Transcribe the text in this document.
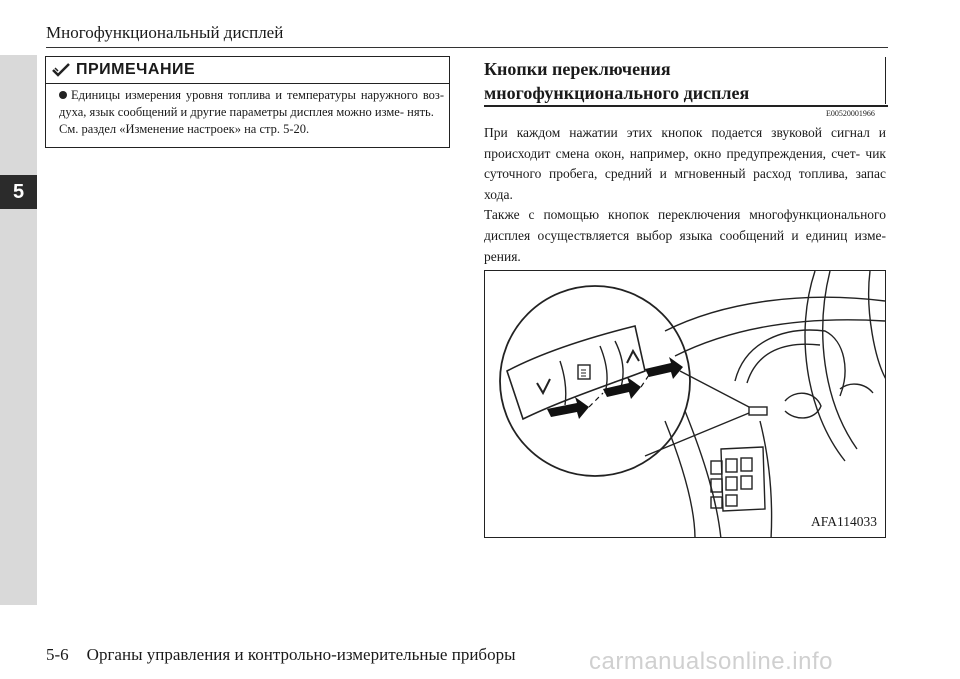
5
Многофункциональный дисплей
ПРИМЕЧАНИЕ
Единицы измерения уровня топлива и температуры наружного воз- духа, язык сообщений и другие параметры дисплея можно изме- нять.
См. раздел «Изменение настроек» на стр. 5-20.
Кнопки переключения
многофункционального дисплея
E00520001966

При каждом нажатии этих кнопок подается звуковой сигнал и происходит смена окон, например, окно предупреждения, счет- чик суточного пробега, средний и мгновенный расход топлива, запас хода.

Также с помощью кнопок переключения многофункционального дисплея осуществляется выбор языка сообщений и единиц изме- рения.

AFA114033
5-6 Органы управления и контрольно-измерительные приборы	carmanualsonline.info
